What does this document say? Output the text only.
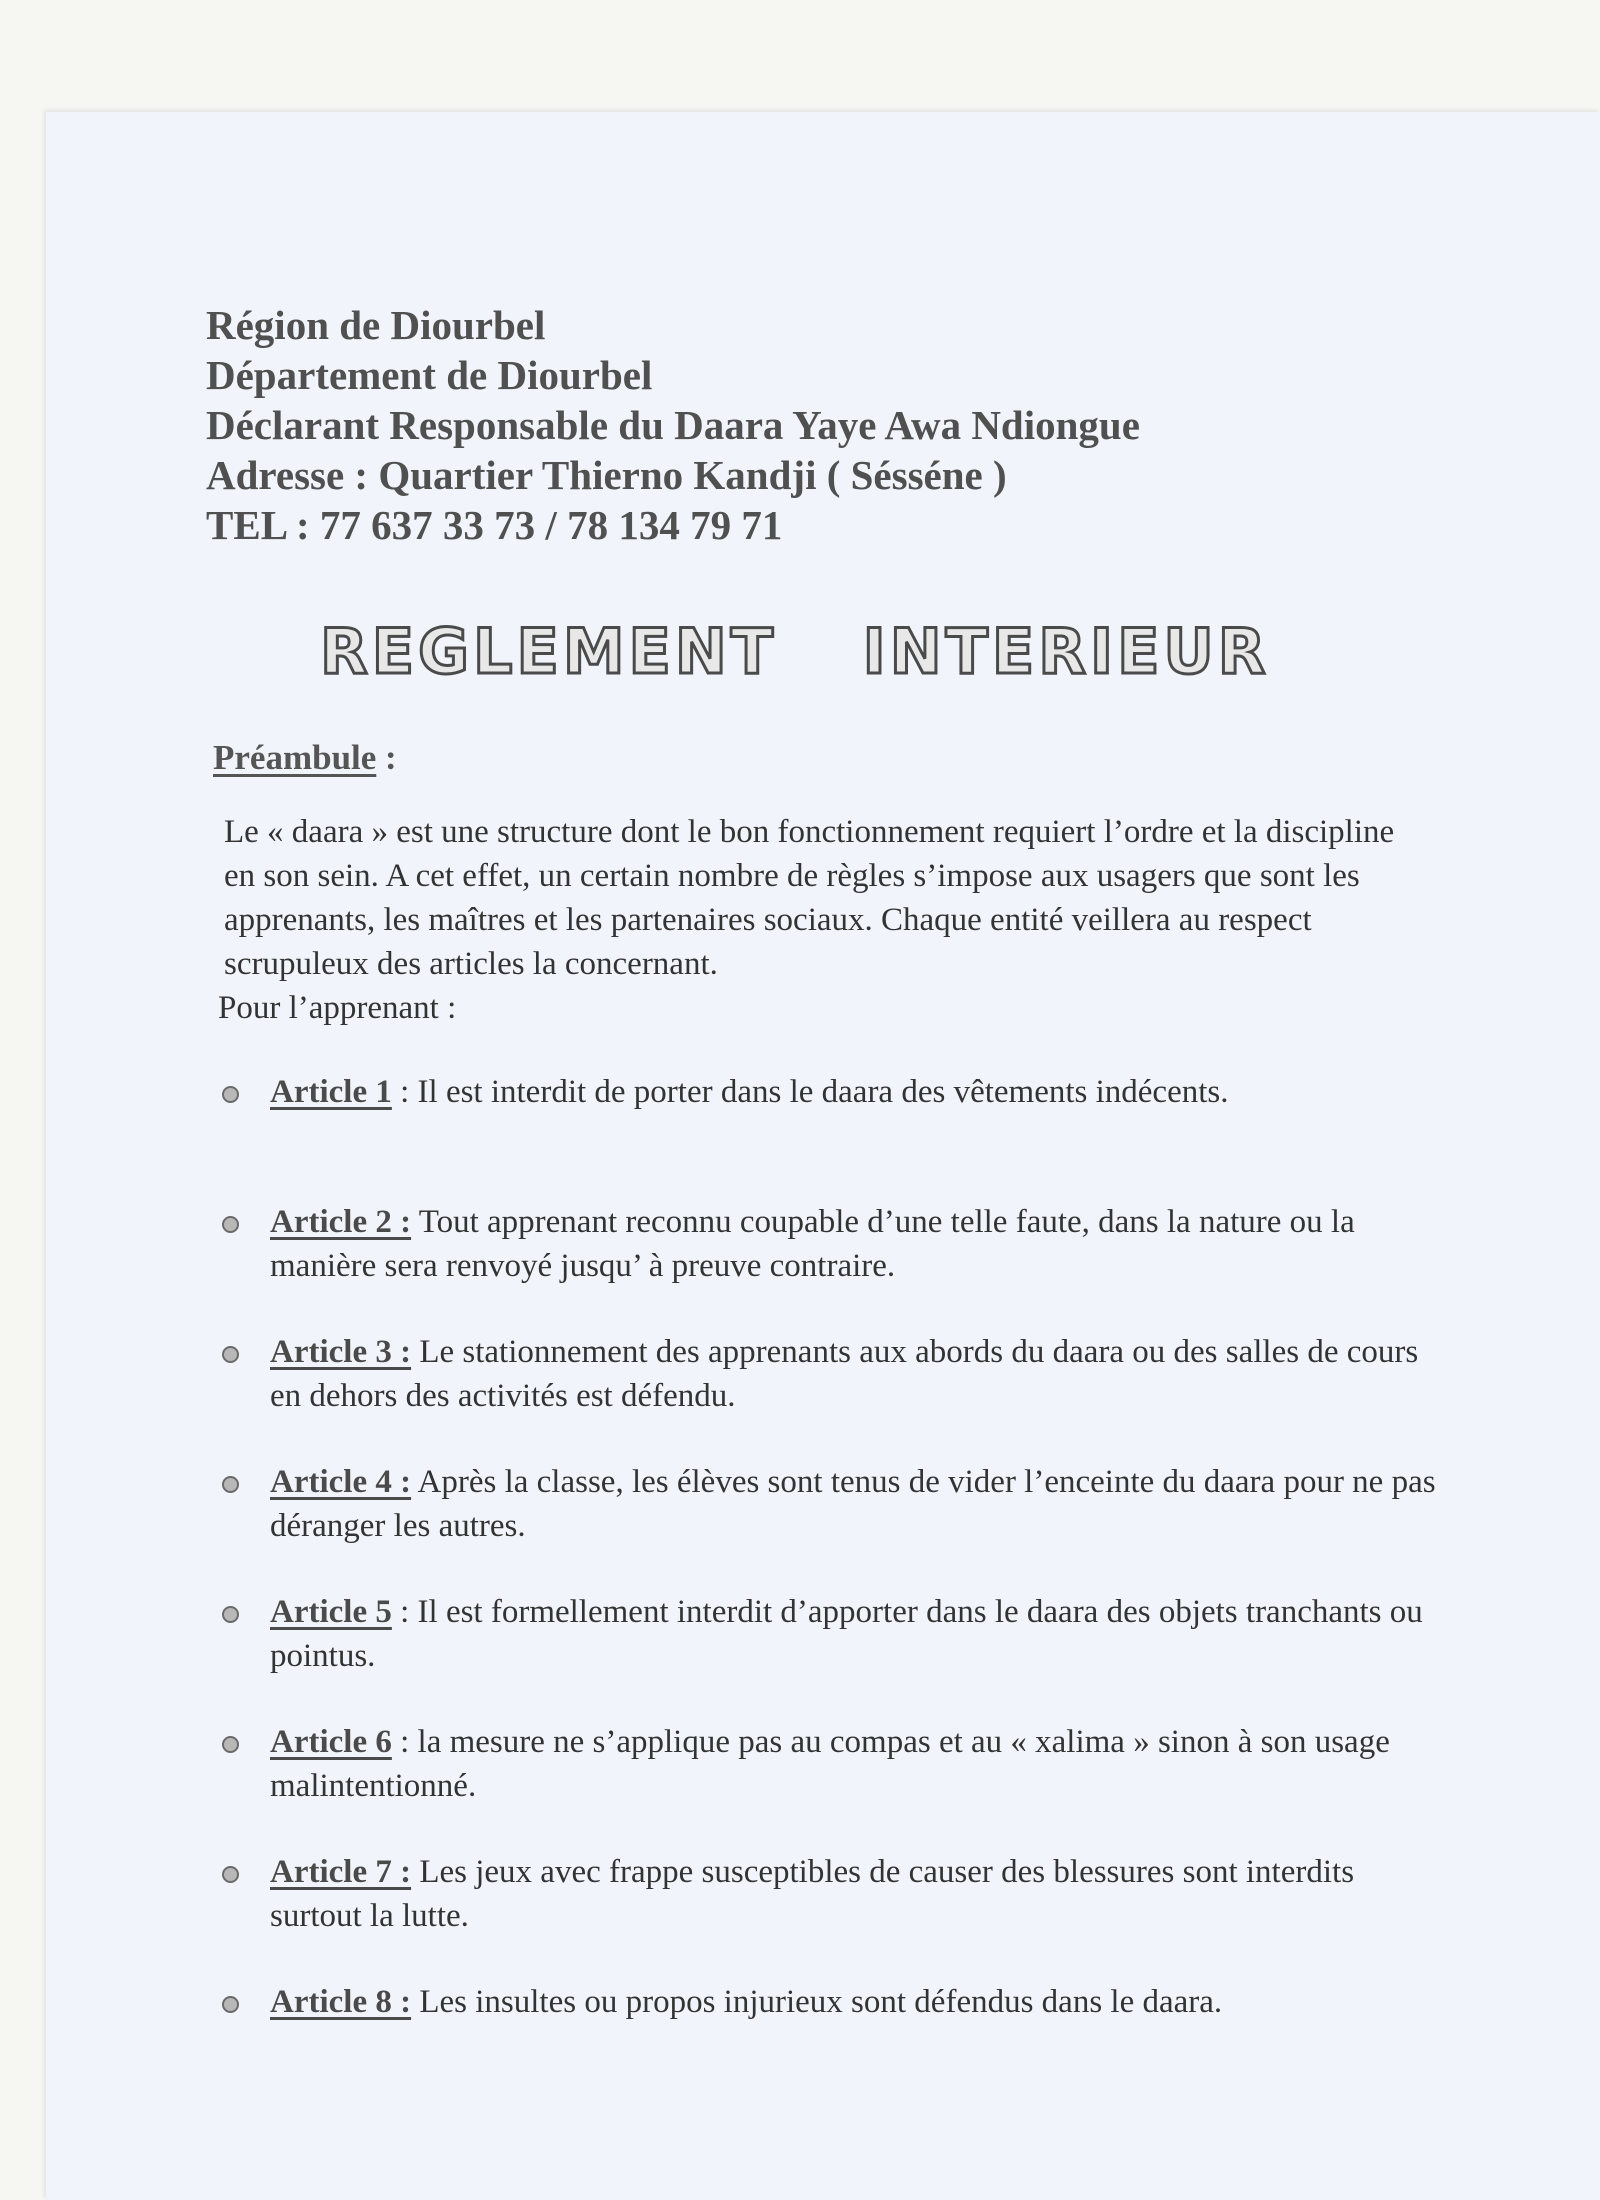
Région de Diourbel
Département de Diourbel
Déclarant Responsable du Daara Yaye Awa Ndiongue
Adresse : Quartier Thierno Kandji ( Sésséne )
TEL : 77 637 33 73 / 78 134 79 71
REGLEMENT INTERIEUR
Préambule :

Le « daara » est une structure dont le bon fonctionnement requiert l’ordre et la discipline en son sein. A cet effet, un certain nombre de règles s’impose aux usagers que sont les apprenants, les maîtres et les partenaires sociaux. Chaque entité veillera au respect scrupuleux des articles la concernant.

Pour l’apprenant :

Article 1 : Il est interdit de porter dans le daara des vêtements indécents.
Article 2 : Tout apprenant reconnu coupable d’une telle faute, dans la nature ou la manière sera renvoyé jusqu’ à preuve contraire.
Article 3 : Le stationnement des apprenants aux abords du daara ou des salles de cours en dehors des activités est défendu.
Article 4 : Après la classe, les élèves sont tenus de vider l’enceinte du daara pour ne pas déranger les autres.
Article 5 : Il est formellement interdit d’apporter dans le daara des objets tranchants ou pointus.
Article 6 : la mesure ne s’applique pas au compas et au « xalima » sinon à son usage malintentionné.
Article 7 : Les jeux avec frappe susceptibles de causer des blessures sont interdits surtout la lutte.
Article 8 : Les insultes ou propos injurieux sont défendus dans le daara.
